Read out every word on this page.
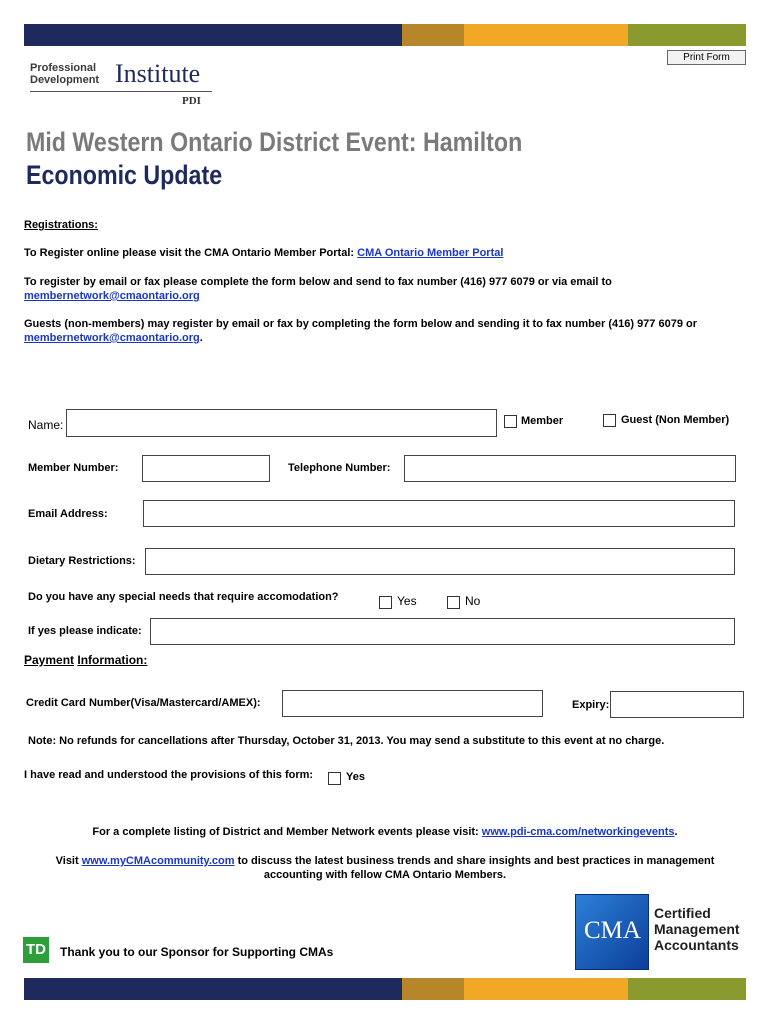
Print Form
Professional
Development Institute
PDI
Mid Western Ontario District Event: Hamilton
Economic Update
Registrations:
To Register online please visit the CMA Ontario Member Portal: CMA Ontario Member Portal
To register by email or fax please complete the form below and send to fax number (416) 977 6079 or via email to
membernetwork@cmaontario.org
Guests (non-members) may register by email or fax by completing the form below and sending it to fax number (416) 977 6079 or
membernetwork@cmaontario.org.
Name:	Member	Guest (Non Member)
Member Number:	Telephone Number:
Email Address:
Dietary Restrictions:
Do you have any special needs that require accomodation?	Yes	No
If yes please indicate:
Payment Information:
Credit Card Number(Visa/Mastercard/AMEX):	Expiry:
Note: No refunds for cancellations after Thursday, October 31, 2013. You may send a substitute to this event at no charge.
I have read and understood the provisions of this form:	Yes
For a complete listing of District and Member Network events please visit: www.pdi-cma.com/networkingevents.
Visit www.myCMAcommunity.com to discuss the latest business trends and share insights and best practices in management
accounting with fellow CMA Ontario Members.
CMA
Certified
Management
Accountants
TD Thank you to our Sponsor for Supporting CMAs
